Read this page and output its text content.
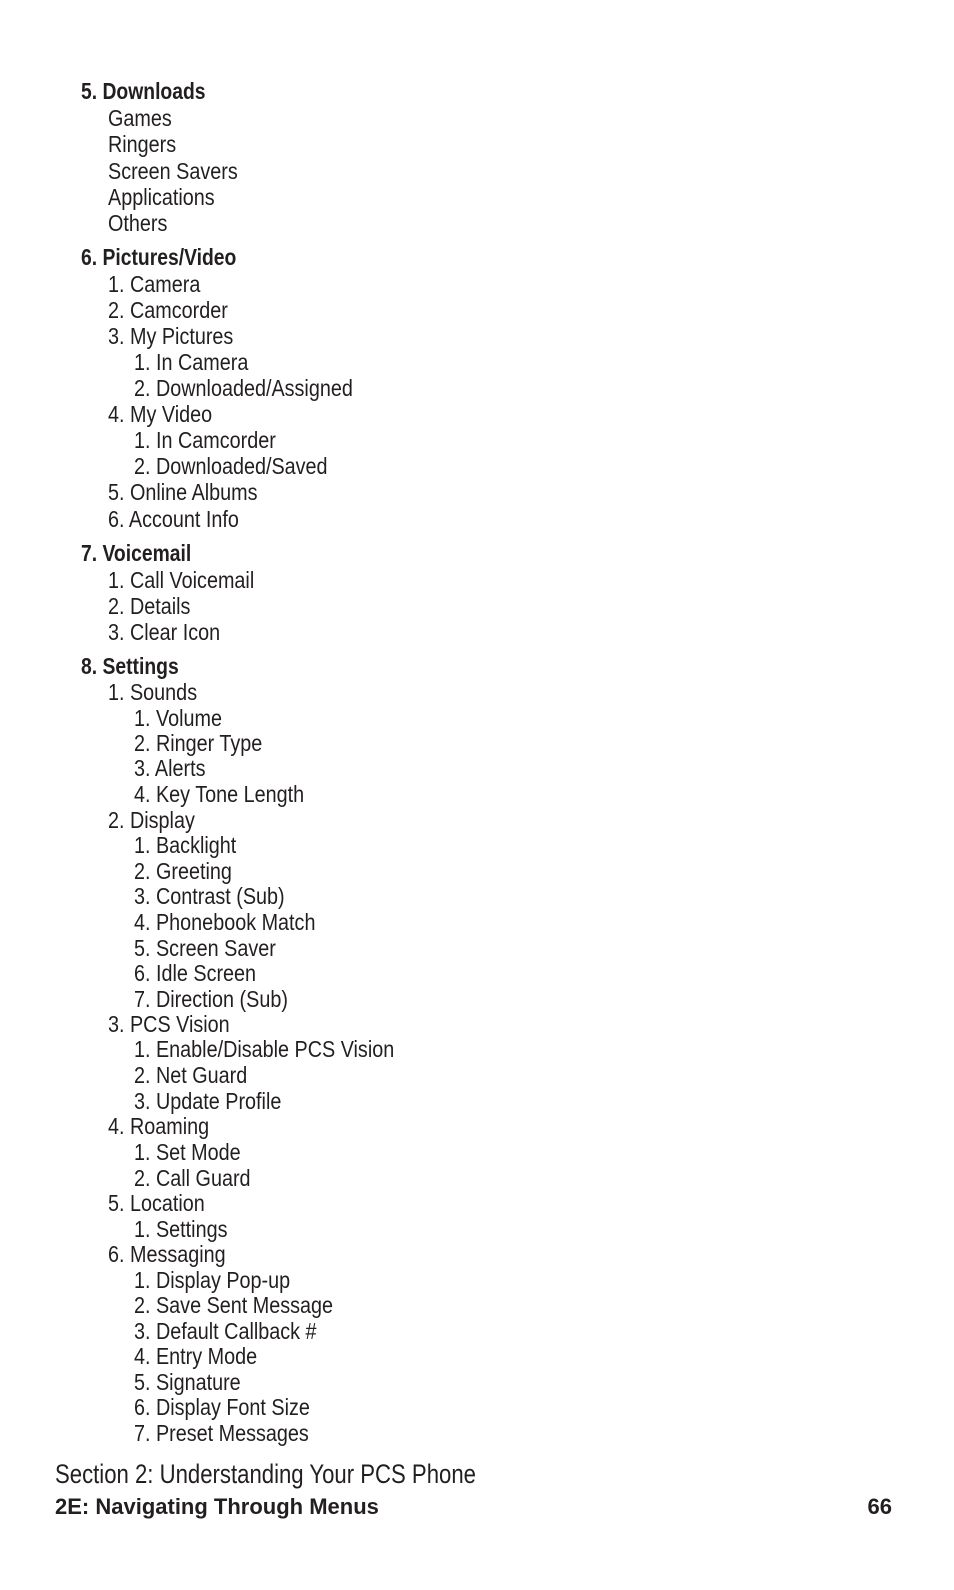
5. Downloads
Games
Ringers
Screen Savers
Applications
Others
6. Pictures/Video
1. Camera
2. Camcorder
3. My Pictures
1. In Camera
2. Downloaded/Assigned
4. My Video
1. In Camcorder
2. Downloaded/Saved
5. Online Albums
6. Account Info
7. Voicemail
1. Call Voicemail
2. Details
3. Clear Icon
8. Settings
1. Sounds
1. Volume
2. Ringer Type
3. Alerts
4. Key Tone Length
2. Display
1. Backlight
2. Greeting
3. Contrast (Sub)
4. Phonebook Match
5. Screen Saver
6. Idle Screen
7. Direction (Sub)
3. PCS Vision
1. Enable/Disable PCS Vision
2. Net Guard
3. Update Profile
4. Roaming
1. Set Mode
2. Call Guard
5. Location
1. Settings
6. Messaging
1. Display Pop-up
2. Save Sent Message
3. Default Callback #
4. Entry Mode
5. Signature
6. Display Font Size
7. Preset Messages
Section 2: Understanding Your PCS Phone
2E: Navigating Through Menus	66
